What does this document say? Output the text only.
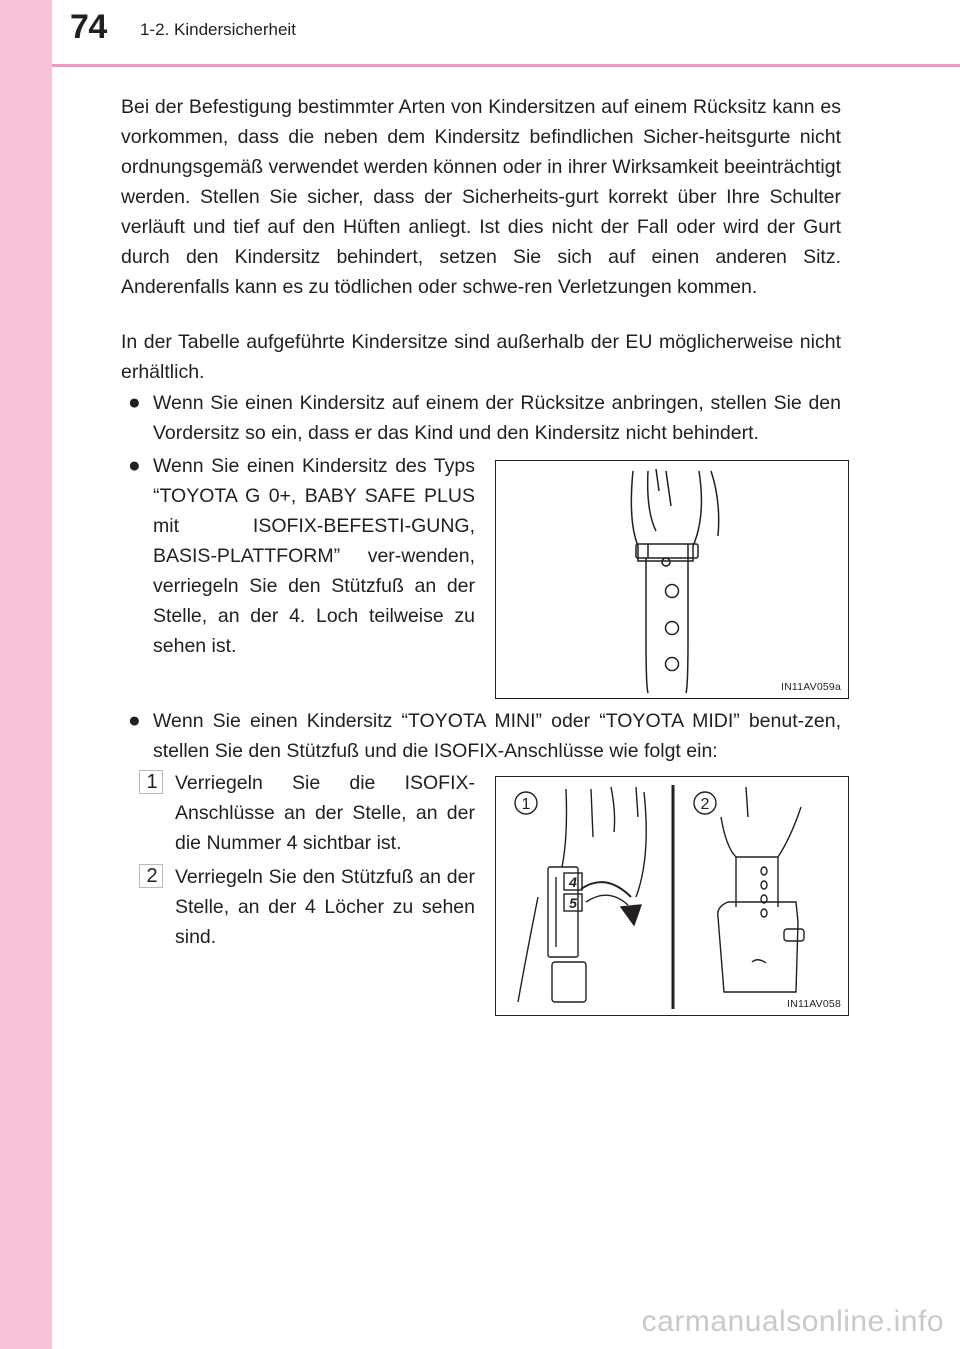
74 1-2. Kindersicherheit

Bei der Befestigung bestimmter Arten von Kindersitzen auf einem Rücksitz kann es vorkommen, dass die neben dem Kindersitz befindlichen Sicher-heitsgurte nicht ordnungsgemäß verwendet werden können oder in ihrer Wirksamkeit beeinträchtigt werden. Stellen Sie sicher, dass der Sicherheits-gurt korrekt über Ihre Schulter verläuft und tief auf den Hüften anliegt. Ist dies nicht der Fall oder wird der Gurt durch den Kindersitz behindert, setzen Sie sich auf einen anderen Sitz. Anderenfalls kann es zu tödlichen oder schwe-ren Verletzungen kommen.

In der Tabelle aufgeführte Kindersitze sind außerhalb der EU möglicherweise nicht erhältlich.

● Wenn Sie einen Kindersitz auf einem der Rücksitze anbringen, stellen Sie den Vordersitz so ein, dass er das Kind und den Kindersitz nicht behindert.

● Wenn Sie einen Kindersitz des Typs “TOYOTA G 0+, BABY SAFE PLUS mit ISOFIX-BEFESTI-GUNG, BASIS-PLATTFORM” ver-wenden, verriegeln Sie den Stützfuß an der Stelle, an der 4. Loch teilweise zu sehen ist.

IN11AV059a
● Wenn Sie einen Kindersitz “TOYOTA MINI” oder “TOYOTA MIDI” benut-zen, stellen Sie den Stützfuß und die ISOFIX-Anschlüsse wie folgt ein:

1 Verriegeln Sie die ISOFIX-Anschlüsse an der Stelle, an der die Nummer 4 sichtbar ist.

2 Verriegeln Sie den Stützfuß an der Stelle, an der 4 Löcher zu sehen sind.

1	2
4
5
IN11AV058
carmanualsonline.info
